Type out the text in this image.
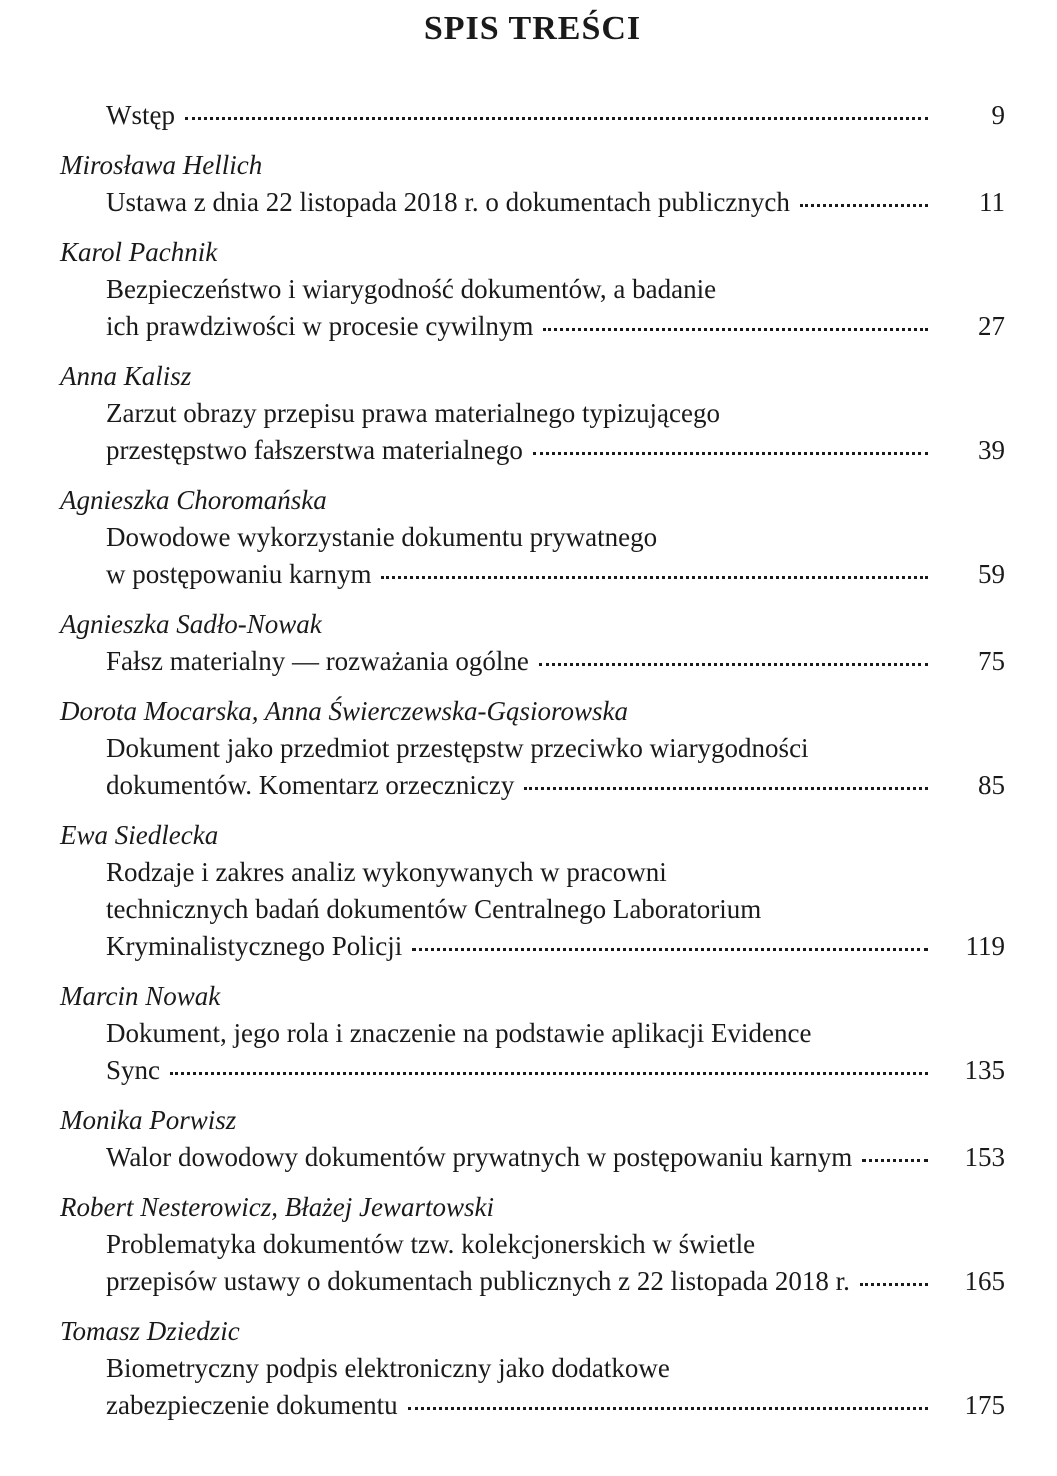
SPIS TREŚCI
Wstęp	9
Mirosława Hellich
Ustawa z dnia 22 listopada 2018 r. o dokumentach publicznych	11
Karol Pachnik
Bezpieczeństwo i wiarygodność dokumentów, a badanie
ich prawdziwości w procesie cywilnym	27
Anna Kalisz
Zarzut obrazy przepisu prawa materialnego typizującego
przestępstwo fałszerstwa materialnego	39
Agnieszka Choromańska
Dowodowe wykorzystanie dokumentu prywatnego
w postępowaniu karnym	59
Agnieszka Sadło-Nowak
Fałsz materialny — rozważania ogólne	75
Dorota Mocarska, Anna Świerczewska-Gąsiorowska
Dokument jako przedmiot przestępstw przeciwko wiarygodności
dokumentów. Komentarz orzeczniczy	85
Ewa Siedlecka
Rodzaje i zakres analiz wykonywanych w pracowni
technicznych badań dokumentów Centralnego Laboratorium
Kryminalistycznego Policji	119
Marcin Nowak
Dokument, jego rola i znaczenie na podstawie aplikacji Evidence
Sync	135
Monika Porwisz
Walor dowodowy dokumentów prywatnych w postępowaniu karnym	153
Robert Nesterowicz, Błażej Jewartowski
Problematyka dokumentów tzw. kolekcjonerskich w świetle
przepisów ustawy o dokumentach publicznych z 22 listopada 2018 r.	165
Tomasz Dziedzic
Biometryczny podpis elektroniczny jako dodatkowe
zabezpieczenie dokumentu	175
